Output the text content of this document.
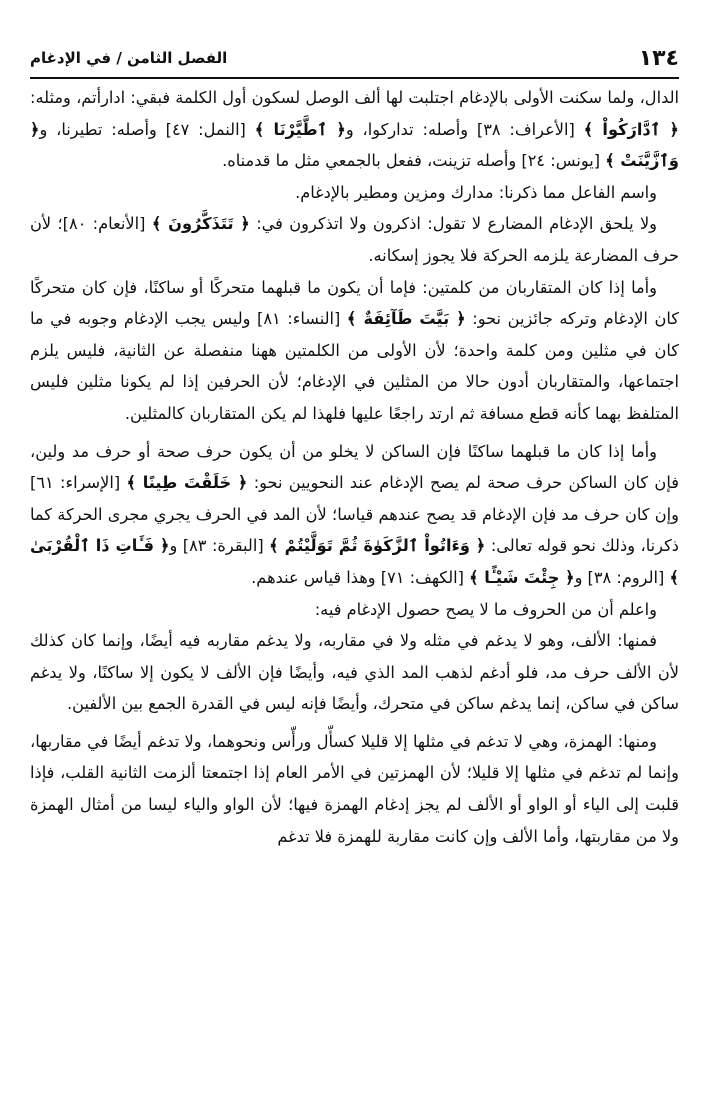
١٣٤
الفصل الثامن / في الإدغام

الدال، ولما سكنت الأولى بالإدغام اجتلبت لها ألف الوصل لسكون أول الكلمة فبقي: ادارأتم، ومثله: ﴿ ٱدَّارَكُواْ ﴾ [الأعراف: ٣٨] وأصله: تداركوا، و﴿ ٱطَّيَّرْنَا ﴾ [النمل: ٤٧] وأصله: تطيرنا، و﴿ وَٱزَّيَّنَتْ ﴾ [يونس: ٢٤] وأصله تزينت، ففعل بالجمعي مثل ما قدمناه.

واسم الفاعل مما ذكرنا: مدارك ومزين ومطير بالإدغام.

ولا يلحق الإدغام المضارع لا تقول: اذكرون ولا اتذكرون في: ﴿ تَتَذَكَّرُونَ ﴾ [الأنعام: ٨٠]؛ لأن حرف المضارعة يلزمه الحركة فلا يجوز إسكانه.

وأما إذا كان المتقاربان من كلمتين: فإما أن يكون ما قبلهما متحركًا أو ساكنًا، فإن كان متحركًا كان الإدغام وتركه جائزين نحو: ﴿ بَيَّتَ طَآئِفَةٌ ﴾ [النساء: ٨١] وليس يجب الإدغام وجوبه في ما كان في مثلين ومن كلمة واحدة؛ لأن الأولى من الكلمتين ههنا منفصلة عن الثانية، فليس يلزم اجتماعها، والمتقاربان أدون حالا من المثلين في الإدغام؛ لأن الحرفين إذا لم يكونا مثلين فليس المتلفظ بهما كأنه قطع مسافة ثم ارتد راجعًا عليها فلهذا لم يكن المتقاربان كالمثلين.

وأما إذا كان ما قبلهما ساكنًا فإن الساكن لا يخلو من أن يكون حرف صحة أو حرف مد ولين، فإن كان الساكن حرف صحة لم يصح الإدغام عند النحويين نحو: ﴿ خَلَقْتَ طِينًا ﴾ [الإسراء: ٦١] وإن كان حرف مد فإن الإدغام قد يصح عندهم قياسا؛ لأن المد في الحرف يجري مجرى الحركة كما ذكرنا، وذلك نحو قوله تعالى: ﴿ وَءَاتُواْ ٱلزَّكَوٰةَ ثُمَّ تَوَلَّيْتُمْ ﴾ [البقرة: ٨٣] و﴿ فَـَٔاتِ ذَا ٱلْقُرْبَىٰ ﴾ [الروم: ٣٨] و﴿ جِئْتَ شَيْـًٔا ﴾ [الكهف: ٧١] وهذا قياس عندهم.

واعلم أن من الحروف ما لا يصح حصول الإدغام فيه:

فمنها: الألف، وهو لا يدغم في مثله ولا في مقاربه، ولا يدغم مقاربه فيه أيضًا، وإنما كان كذلك لأن الألف حرف مد، فلو أدغم لذهب المد الذي فيه، وأيضًا فإن الألف لا يكون إلا ساكنًا، ولا يدغم ساكن في ساكن، إنما يدغم ساكن في متحرك، وأيضًا فإنه ليس في القدرة الجمع بين الألفين.

ومنها: الهمزة، وهي لا تدغم في مثلها إلا قليلا كسأّل ورأّس ونحوهما، ولا تدغم أيضًا في مقاربها، وإنما لم تدغم في مثلها إلا قليلا؛ لأن الهمزتين في الأمر العام إذا اجتمعتا ألزمت الثانية القلب، فإذا قلبت إلى الياء أو الواو أو الألف لم يجز إدغام الهمزة فيها؛ لأن الواو والياء ليسا من أمثال الهمزة ولا من مقاربتها، وأما الألف وإن كانت مقاربة للهمزة فلا تدغم
